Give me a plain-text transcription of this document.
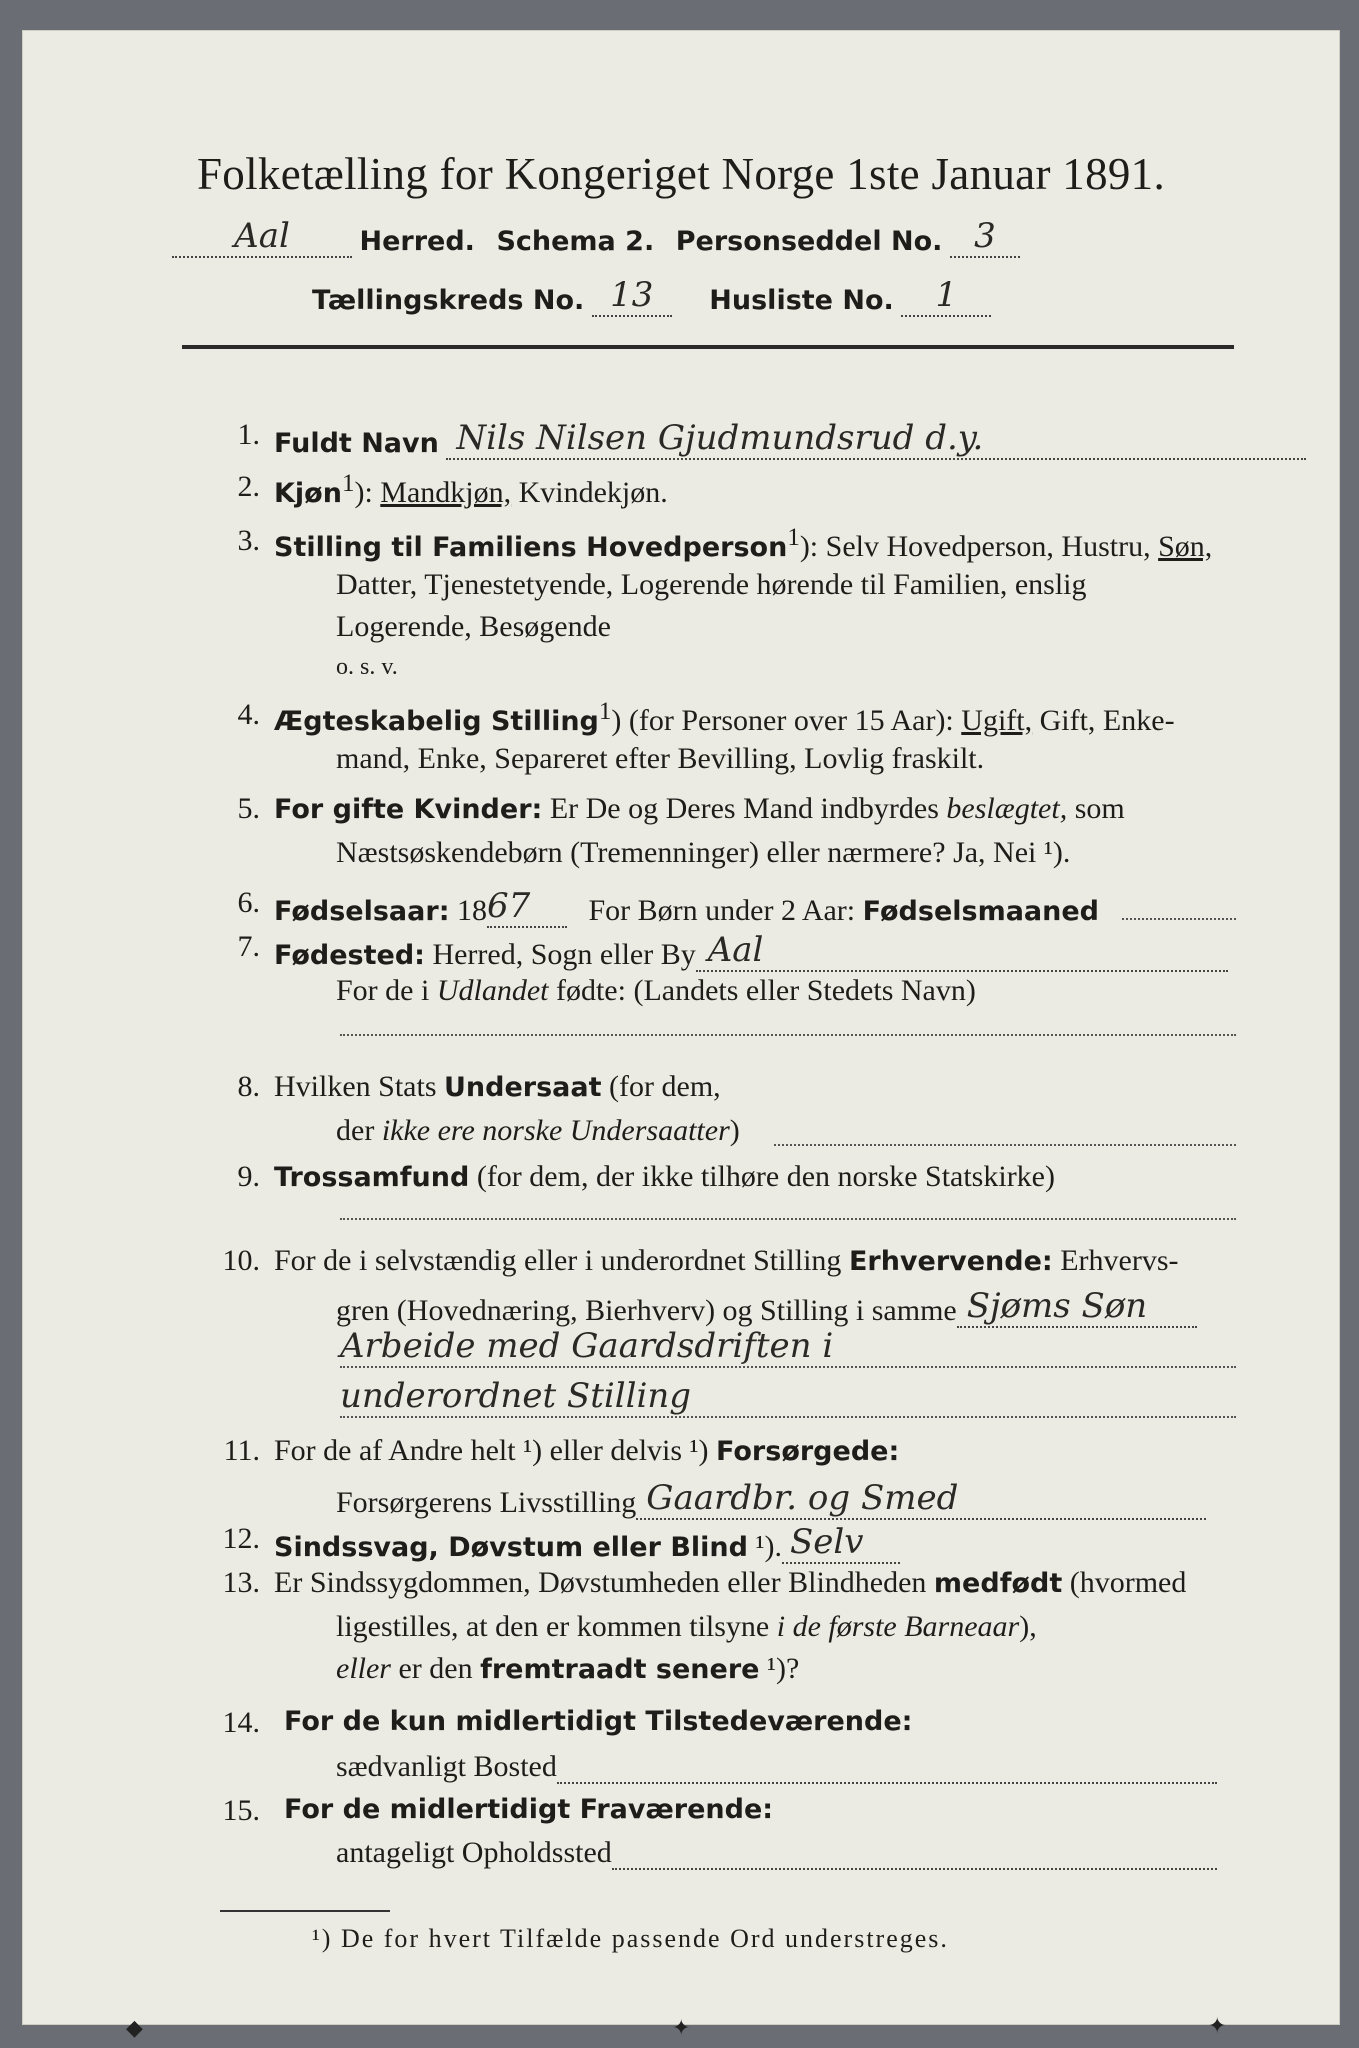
Folketælling for Kongeriget Norge 1ste Januar 1891.
Aal	Herred. Schema 2. Personseddel No. 3
Tællingskreds No. 13 Husliste No. 1
1. Fuldt Navn Nils Nilsen Gjudmundsrud d.y.
2. Kjøn$^1$): Mandkjøn, Kvindekjøn.
3. Stilling til Familiens Hovedperson$^1$): Selv Hovedperson, Hustru, Søn,
Datter, Tjenestetyende, Logerende hørende til Familien, enslig
Logerende, Besøgende
o. s. v.
4. Ægteskabelig Stilling$^1$) (for Personer over 15 Aar): Ugift, Gift, Enke-
mand, Enke, Separeret efter Bevilling, Lovlig fraskilt.
5. For gifte Kvinder: Er De og Deres Mand indbyrdes beslægtet, som
Næstsøskendebørn (Tremenninger) eller nærmere? Ja, Nei ¹).
6. Fødselsaar: 1867 For Børn under 2 Aar: Fødselsmaaned
7. Fødested: Herred, Sogn eller By Aal
For de i Udlandet fødte: (Landets eller Stedets Navn)
8. Hvilken Stats Undersaat (for dem,
der ikke ere norske Undersaatter)
9. Trossamfund (for dem, der ikke tilhøre den norske Statskirke)
10. For de i selvstændig eller i underordnet Stilling Erhvervende: Erhvervs-
gren (Hovednæring, Bierhverv) og Stilling i samme Sjøms Søn
Arbeide med Gaardsdriften i
underordnet Stilling
11. For de af Andre helt ¹) eller delvis ¹) Forsørgede:
Forsørgerens Livsstilling Gaardbr. og Smed
12. Sindssvag, Døvstum eller Blind ¹). Selv
13. Er Sindssygdommen, Døvstumheden eller Blindheden medfødt (hvormed
ligestilles, at den er kommen tilsyne i de første Barneaar),
eller er den fremtraadt senere ¹)?
14. For de kun midlertidigt Tilstedeværende:
sædvanligt Bosted
15. For de midlertidigt Fraværende:
antageligt Opholdssted
¹) De for hvert Tilfælde passende Ord understreges.
◆	✦	✦
